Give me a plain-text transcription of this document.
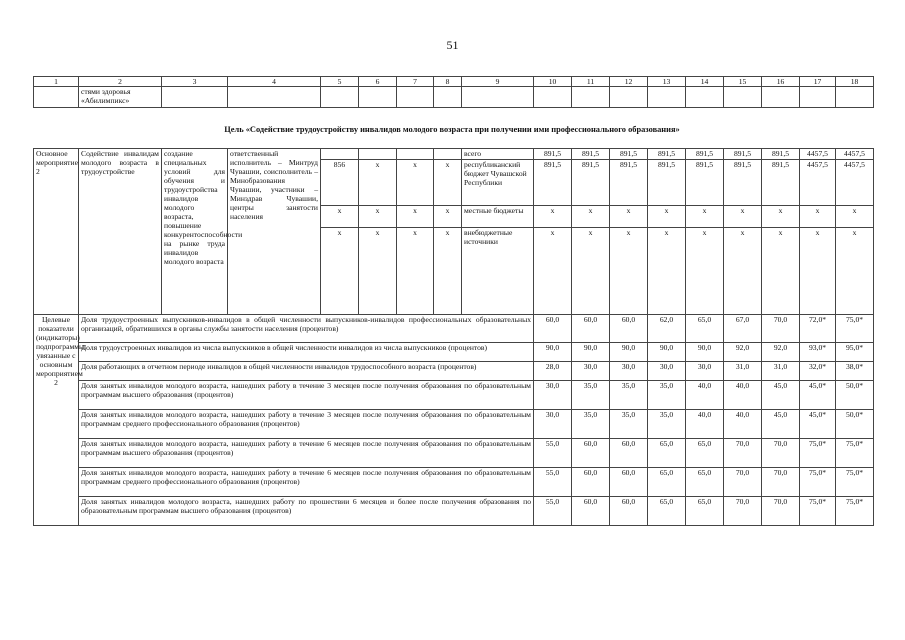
51
1	2	3	4	5	6	7	8	9	10	11	12	13	14	15	16	17	18
	стями здоровья «Абилимпикс»																
Цель «Содействие трудоустройству инвалидов молодого возраста при получении ими профессионального образования»
Основное мероприятие 2	Содействие инвалидам молодого возраста в трудоустройстве	создание специальных условий для обучения и трудоустройства инвалидов молодого возраста, повышение конкурентоспособности на рынке труда инвалидов молодого возраста	ответственный исполнитель – Минтруд Чувашии, соисполнитель – Минобразования Чувашии, участники – Минздрав Чувашии, центры занятости населения					всего	891,5	891,5	891,5	891,5	891,5	891,5	891,5	4457,5	4457,5
				856	x	x	x	республиканский бюджет Чувашской Республики	891,5	891,5	891,5	891,5	891,5	891,5	891,5	4457,5	4457,5
				x	x	x	x	местные бюджеты	x	x	x	x	x	x	x	x	x
				x	x	x	x	внебюджетные источники	x	x	x	x	x	x	x	x	x
Целевые показатели (индикаторы) подпрограммы, увязанные с основным мероприятием 2	Доля трудоустроенных выпускников-инвалидов в общей численности выпускников-инвалидов профессиональных образовательных организаций, обратившихся в органы службы занятости населения (процентов)								60,0	60,0	60,0	62,0	65,0	67,0	70,0	72,0*	75,0*
	Доля трудоустроенных инвалидов из числа выпускников в общей численности инвалидов из числа выпускников (процентов)								90,0	90,0	90,0	90,0	90,0	92,0	92,0	93,0*	95,0*
	Доля работающих в отчетном периоде инвалидов в общей численности инвалидов трудоспособного возраста (процентов)								28,0	30,0	30,0	30,0	30,0	31,0	31,0	32,0*	38,0*
	Доля занятых инвалидов молодого возраста, нашедших работу в течение 3 месяцев после получения образования по образовательным программам высшего образования (процентов)								30,0	35,0	35,0	35,0	40,0	40,0	45,0	45,0*	50,0*
	Доля занятых инвалидов молодого возраста, нашедших работу в течение 3 месяцев после получения образования по образовательным программам среднего профессионального образования (процентов)								30,0	35,0	35,0	35,0	40,0	40,0	45,0	45,0*	50,0*
	Доля занятых инвалидов молодого возраста, нашедших работу в течение 6 месяцев после получения образования по образовательным программам высшего образования (процентов)								55,0	60,0	60,0	65,0	65,0	70,0	70,0	75,0*	75,0*
	Доля занятых инвалидов молодого возраста, нашедших работу в течение 6 месяцев после получения образования по образовательным программам среднего профессионального образования (процентов)								55,0	60,0	60,0	65,0	65,0	70,0	70,0	75,0*	75,0*
	Доля занятых инвалидов молодого возраста, нашедших работу по прошествии 6 месяцев и более после получения образования по образовательным программам высшего образования (процентов)								55,0	60,0	60,0	65,0	65,0	70,0	70,0	75,0*	75,0*
